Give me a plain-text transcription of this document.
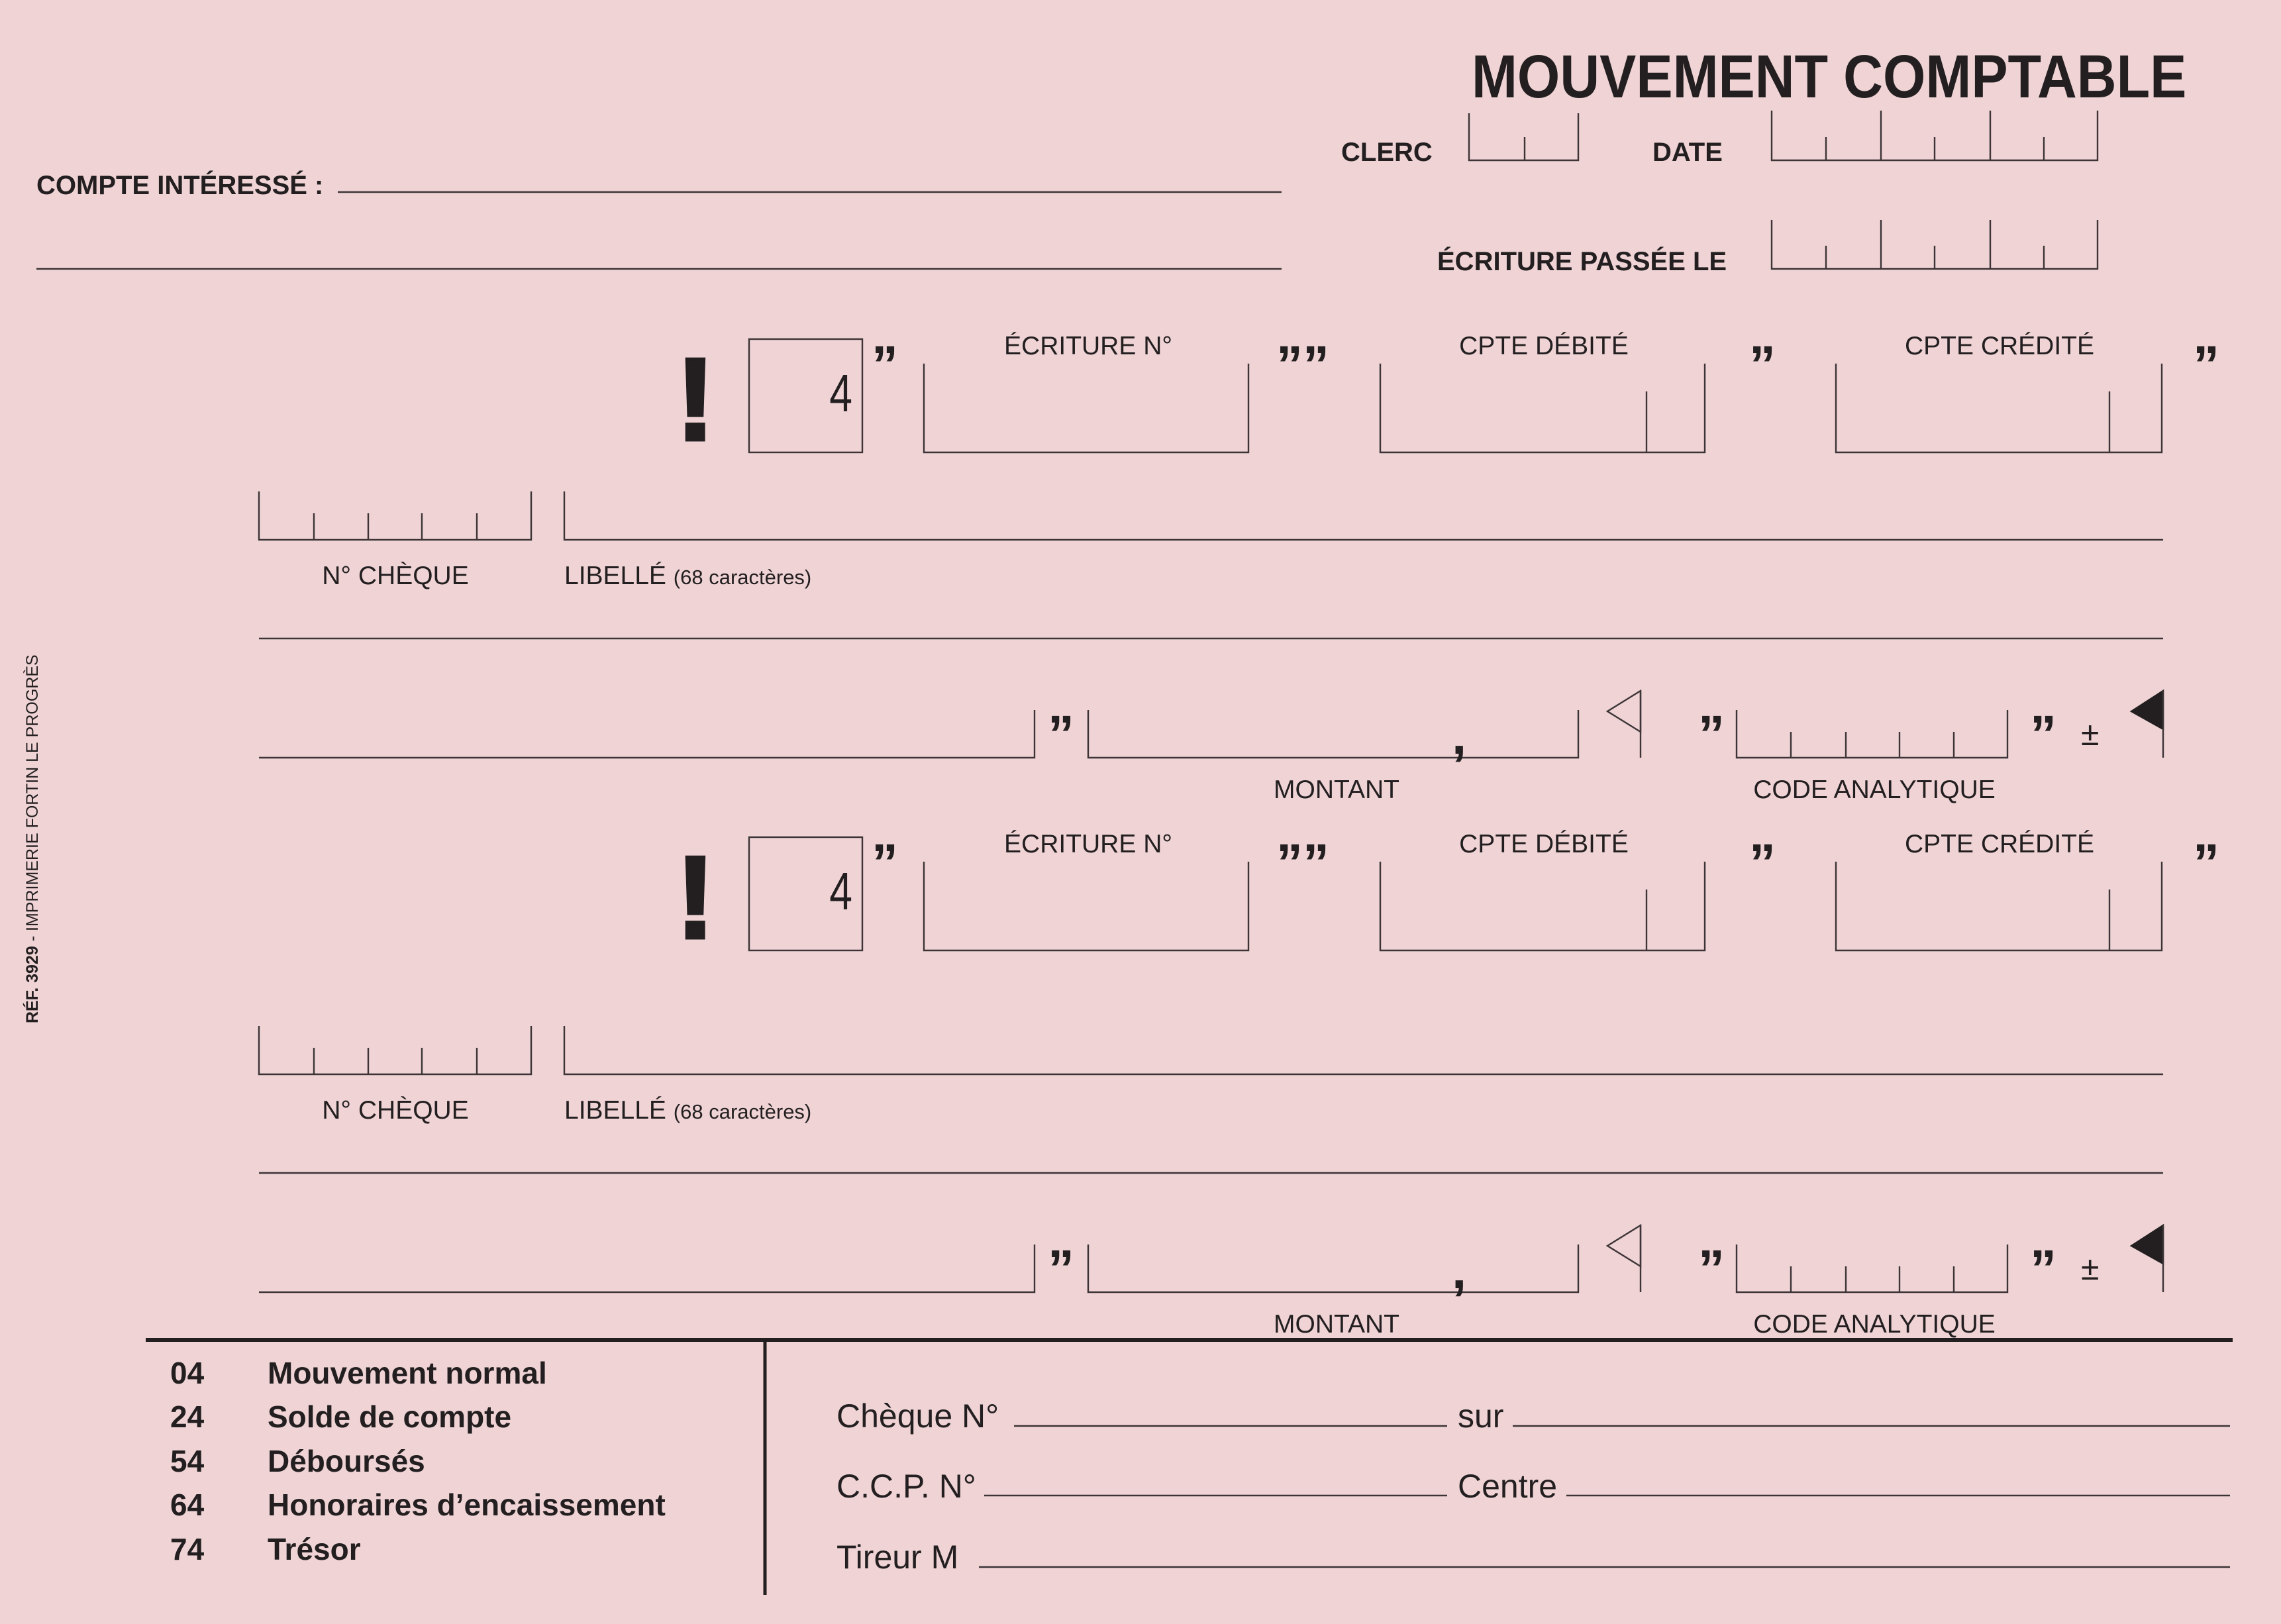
MOUVEMENT COMPTABLE
CLERC	DATE
COMPTE INTÉRESSÉ :
ÉCRITURE PASSÉE LE
RÉF. 3929- IMPRIMERIE FORTIN LE PROGRÈS
!	4 ”	ÉCRITURE N°	””	CPTE DÉBITÉ	”	CPTE CRÉDITÉ	”
N° CHÈQUE	LIBELLÉ (68 caractères)
”	,	”	” ±
MONTANT	CODE ANALYTIQUE
!	4 ”	ÉCRITURE N°	””	CPTE DÉBITÉ	”	CPTE CRÉDITÉ	”
N° CHÈQUE	LIBELLÉ (68 caractères)
”	,	”	” ±
MONTANT	CODE ANALYTIQUE
04 Mouvement normal
24 Solde de compte
54 Déboursés
64 Honoraires d’encaissement
74 Trésor
Chèque N°	sur
C.C.P. N°	Centre
Tireur M
